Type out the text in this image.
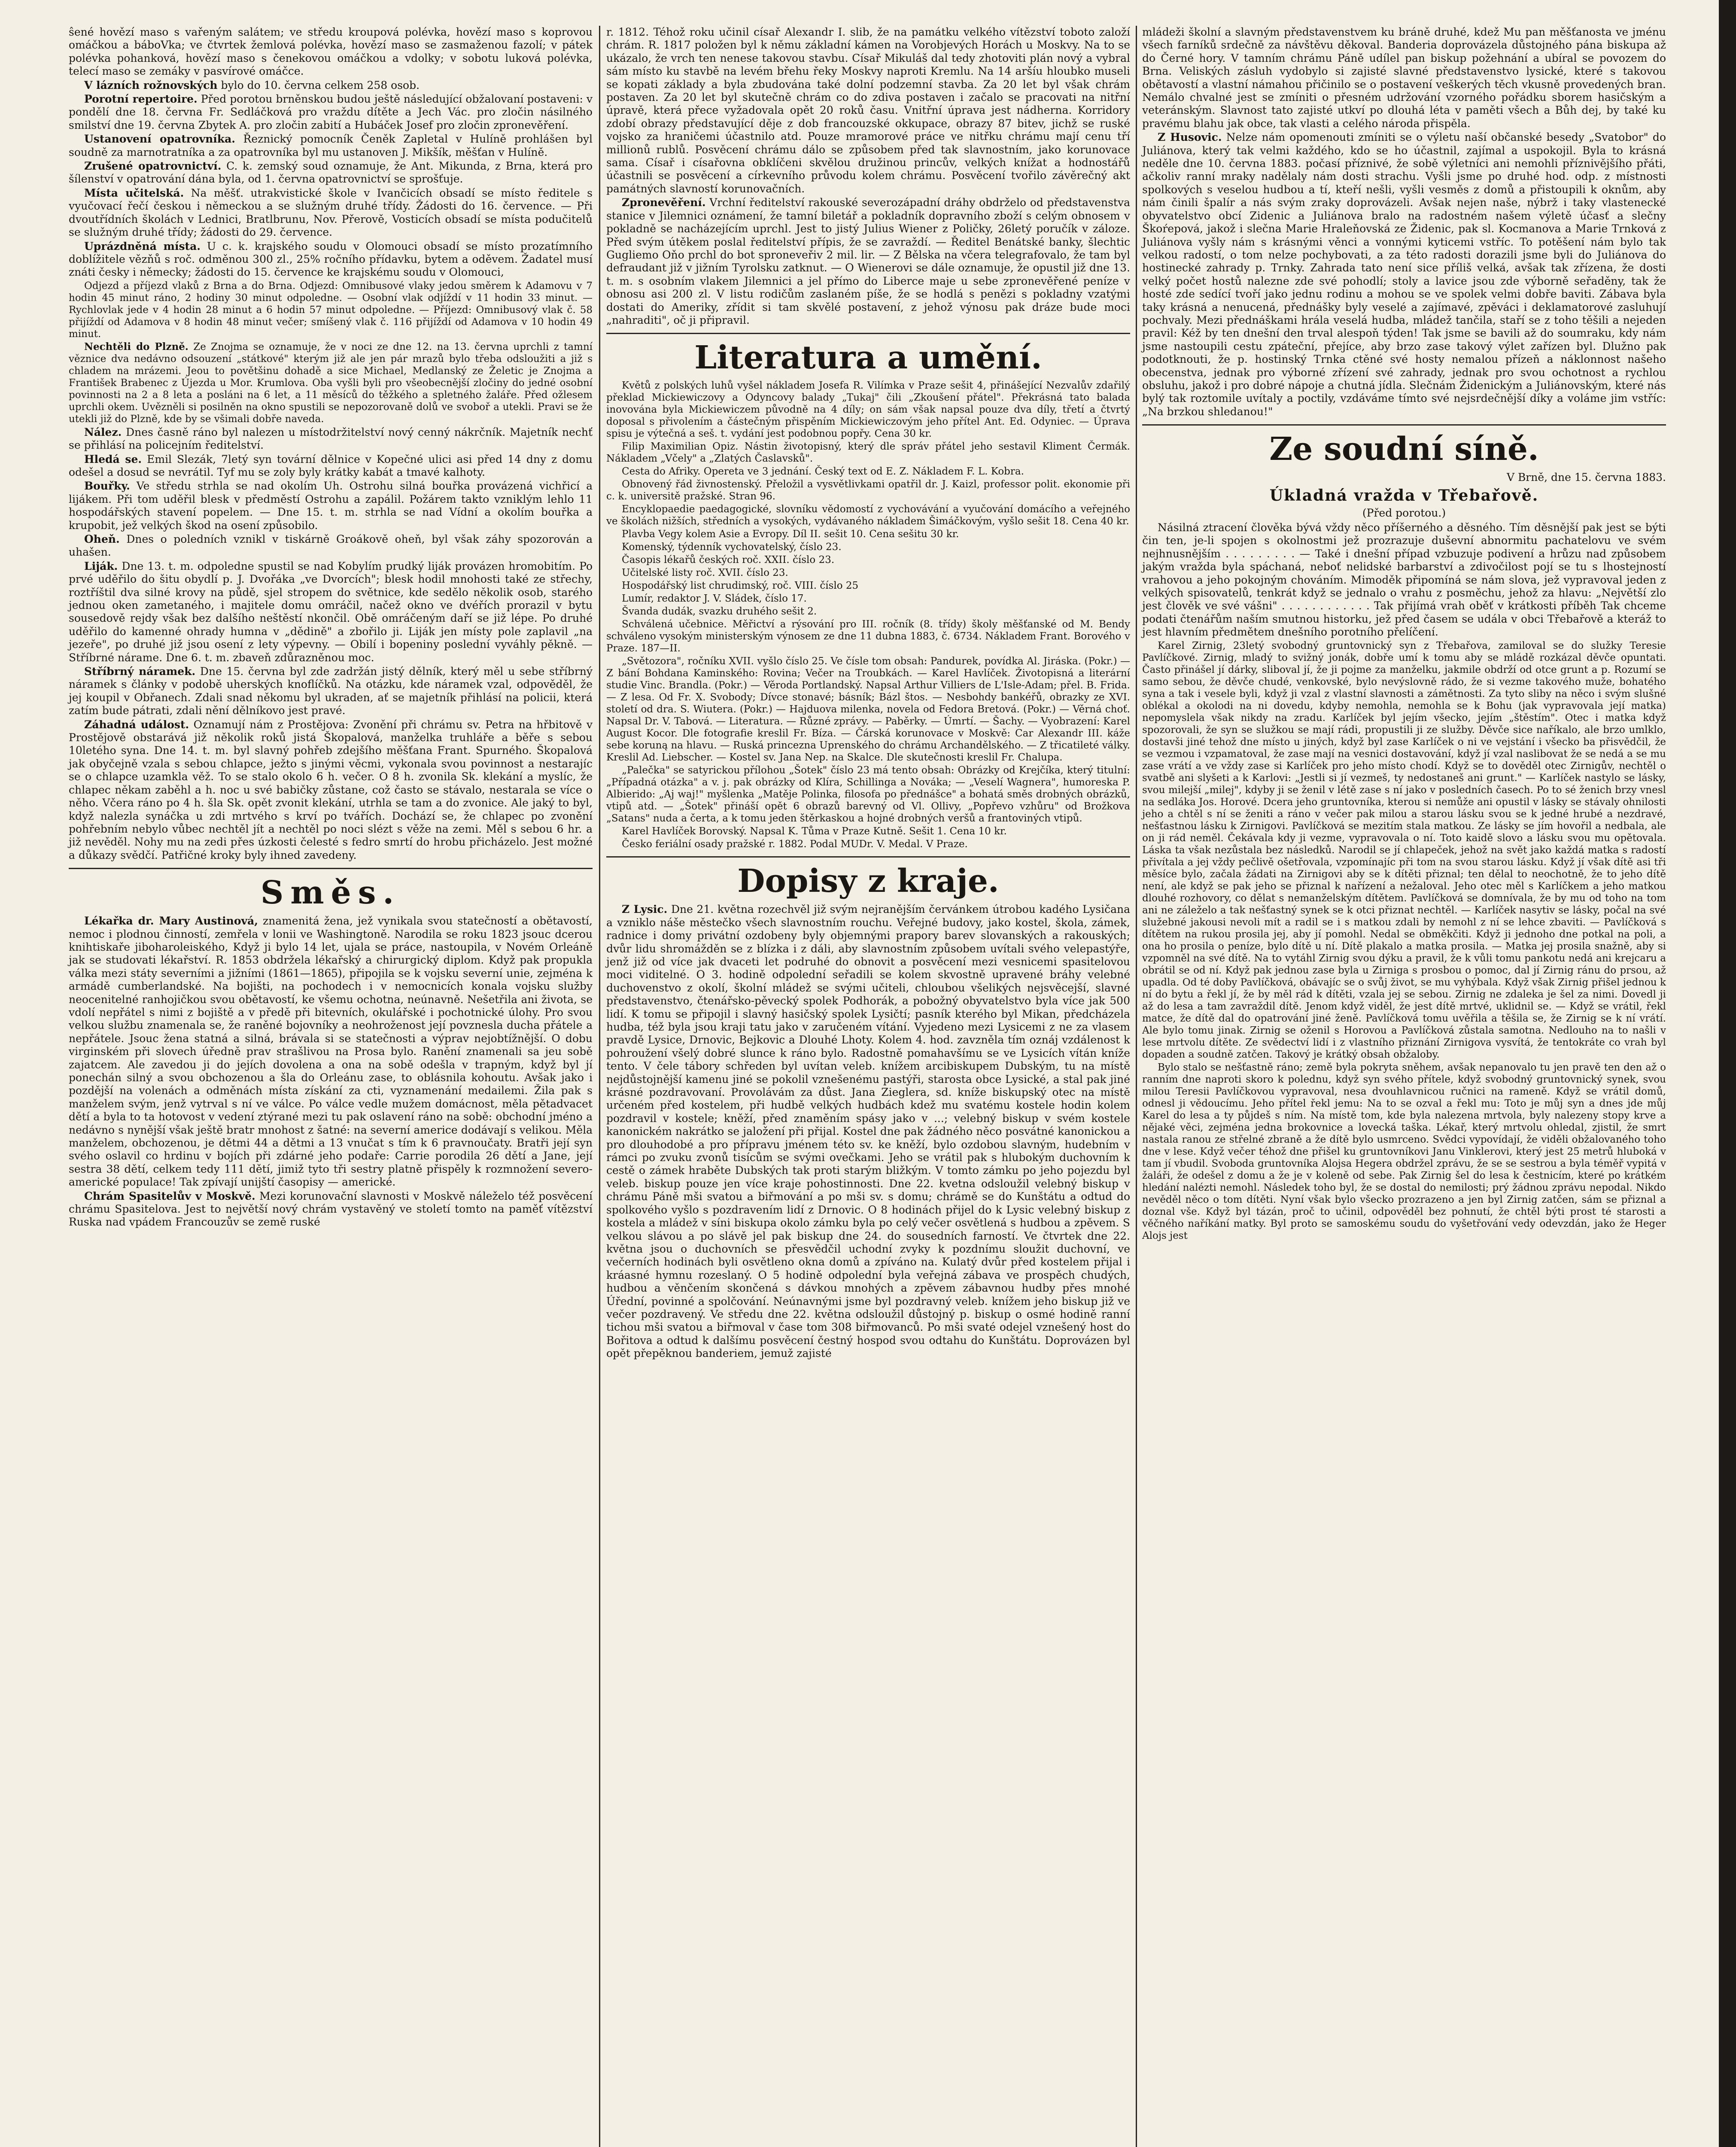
ŝené hovězí maso s vařeným salátem; ve středu kroupová polévka, hovězí maso s koprovou omáčkou a báboVka; ve čtvrtek žemlová polévka, hovězí maso se zasmaženou fazolí; v pátek polévka pohanková, hovězí maso s čenekovou omáčkou a vdolky; v sobotu luková polévka, telecí maso se zemáky v pasvírové omáčce.

V lázních rožnovských bylo do 10. června celkem 258 osob.

Porotní repertoire. Před porotou brněnskou budou ještě následující obžalovaní postaveni: v pondělí dne 18. června Fr. Sedláčková pro vraždu dítěte a Jech Vác. pro zločin násilného smilství dne 19. června Zbytek A. pro zločin zabití a Hubáček Josef pro zločin zpronevěření.

Ustanovení opatrovníka. Řeznický pomocník Čeněk Zapletal v Hulíně prohlášen byl soudně za marnotratníka a za opatrovníka byl mu ustanoven J. Mikšík, měšťan v Hulíně.

Zrušené opatrovnictví. C. k. zemský soud oznamuje, že Ant. Mikunda, z Brna, která pro šílenství v opatrování dána byla, od 1. června opatrovnictví se sprošťuje.

Místa učitelská. Na měšť. utrakvistické škole v Ivančicích obsadí se místo ředitele s vyučovací řečí českou i německou a se služným druhé třídy. Žádosti do 16. července. — Při dvoutřídních školách v Lednici, Bratlbrunu, Nov. Přerově, Vosticích obsadí se místa podučitelů se služným druhé třídy; žádosti do 29. července.

Uprázdněná místa. U c. k. krajského soudu v Olomouci obsadí se místo prozatímního doblížitele vězňů s roč. odměnou 300 zl., 25% ročního přídavku, bytem a oděvem. Žadatel musí znáti česky i německy; žádosti do 15. července ke krajskému soudu v Olomouci,

Odjezd a příjezd vlaků z Brna a do Brna. Odjezd: Omnibusové vlaky jedou směrem k Adamovu v 7 hodin 45 minut ráno, 2 hodiny 30 minut odpoledne. — Osobní vlak odjíždí v 11 hodin 33 minut. — Rychlovlak jede v 4 hodin 28 minut a 6 hodin 57 minut odpoledne. — Příjezd: Omnibusový vlak č. 58 přijíždí od Adamova v 8 hodin 48 minut večer; smíšený vlak č. 116 přijíždí od Adamova v 10 hodin 49 minut.

Nechtěli do Plzně. Ze Znojma se oznamuje, že v noci ze dne 12. na 13. června uprchli z tamní věznice dva nedávno odsouzení „státkové" kterým již ale jen pár mrazů bylo třeba odsloužiti a již s chladem na mrázemi. Jeou to povětšinu dohadě a sice Michael, Medlanský ze Želetic je Znojma a František Brabenec z Újezda u Mor. Krumlova. Oba vyšli byli pro všeobecnější zločiny do jedné osobní povinnosti na 2 a 8 leta a posláni na 6 let, a 11 měsíců do těžkého a spletného žaláře. Před ožlesem uprchli okem. Uvězněli si posilněn na okno spustili se nepozorovaně dolů ve svoboř a utekli. Pravi se že utekli již do Plzně, kde by se všimali dobře naveda.

Nález. Dnes časně ráno byl nalezen u místodržitelství nový cenný nákrčník. Majetník nechť se přihlásí na policejním ředitelství.

Hledá se. Emil Slezák, 7letý syn tovární dělnice v Kopečné ulici asi před 14 dny z domu odešel a dosud se nevrátil. Tyf mu se zoly byly krátky kabát a tmavé kalhoty.

Bouřky. Ve středu strhla se nad okolím Uh. Ostrohu silná bouřka provázená vichřicí a lijákem. Při tom uděřil blesk v předměstí Ostrohu a zapálil. Požárem takto vzniklým lehlo 11 hospodářských stavení popelem. — Dne 15. t. m. strhla se nad Vídní a okolím bouřka a krupobit, jež velkých škod na osení způsobilo.

Oheň. Dnes o poledních vznikl v tiskárně Groákově oheň, byl však záhy spozorován a uhašen.

Liják. Dne 13. t. m. odpoledne spustil se nad Kobylím prudký liják provázen hromobitím. Po prvé uděřilo do šitu obydlí p. J. Dvořáka „ve Dvorcích"; blesk hodil mnohosti také ze střechy, roztříštil dva silné krovy na půdě, sjel stropem do světnice, kde sedělo několik osob, starého jednou oken zametaného, i majitele domu omráčil, načež okno ve dvéřích prorazil v bytu sousedově rejdy však bez dalšího neštěstí nkončil. Obě omráčeným daří se již lépe. Po druhé uděřilo do kamenné ohrady humna v „dědině" a zbořilo ji. Liják jen místy pole zaplavil „na jezeře", po druhé již jsou osení z lety výpevny. — Obilí i bopeniny poslední vyváhly pěkně. — Stříbrné nárame. Dne 6. t. m. zbaveň zdůrazněnou moc.

Stříbrný náramek. Dne 15. června byl zde zadržán jistý dělník, který měl u sebe stříbrný náramek s články v podobě uherských knoflíčků. Na otázku, kde náramek vzal, odpověděl, že jej koupil v Obřanech. Zdali snad někomu byl ukraden, ať se majetník přihlásí na policii, která zatím bude pátrati, zdali nění dělníkovo jest pravé.

Záhadná událost. Oznamují nám z Prostějova: Zvonění při chrámu sv. Petra na hřbitově v Prostějově obstarává již několik roků jistá Škopalová, manželka truhláře a běře s sebou 10letého syna. Dne 14. t. m. byl slavný pohřeb zdejšího měšťana Frant. Spurného. Škopalová jak obyčejně vzala s sebou chlapce, ježto s jinými věcmi, vykonala svou povinnost a nestarajíc se o chlapce uzamkla věž. To se stalo okolo 6 h. večer. O 8 h. zvonila Sk. klekání a myslíc, že chlapec někam zaběhl a h. noc u své babičky zůstane, což často se stávalo, nestarala se více o něho. Včera ráno po 4 h. šla Sk. opět zvonit klekání, utrhla se tam a do zvonice. Ale jaký to byl, když nalezla synáčka u zdi mrtvého s krví po tvářích. Dochází se, že chlapec po zvonění pohřebním nebylo vůbec nechtěl jít a nechtěl po noci slézt s věže na zemi. Měl s sebou 6 hr. a již nevěděl. Nohy mu na zedi přes úzkosti čelesté s fedro smrtí do hrobu přicházelo. Jest možné a důkazy svědčí. Patřičné kroky byly ihned zavedeny.

Směs.

Lékařka dr. Mary Austinová, znamenitá žena, jež vynikala svou statečností a obětavostí, nemoc i plodnou činností, zemřela v lonii ve Washingtoně. Narodila se roku 1823 jsouc dcerou knihtiskaře jiboharoleiského, Když ji bylo 14 let, ujala se práce, nastoupila, v Novém Orleáně jak se studovati lékařství. R. 1853 obdržela lékařský a chirurgický diplom. Když pak propukla válka mezi státy severními a jižními (1861—1865), připojila se k vojsku severní unie, zejména k armádě cumberlandské. Na bojišti, na pochodech i v nemocnicích konala vojsku služby neocenitelné ranhojičkou svou obětavostí, ke všemu ochotna, neúnavně. Nešetřila ani života, se vdolí nepřátel s nimi z bojiště a v předě při bitevních, okulářské i pochotnické úlohy. Pro svou velkou službu znamenala se, že raněné bojovníky a neohroženost její povznesla ducha přátele a nepřátele. Jsouc žena statná a silná, brávala si se statečnosti a výprav nejobtížnější. O dobu virginském při slovech úředně prav strašlivou na Prosa bylo. Ranění znamenali sa jeu sobě zajatcem. Ale zavedou ji do jejích dovolena a ona na sobě odešla v trapným, když byl jí ponechán silný a svou obchozenou a šla do Orleánu zase, to oblásnila kohoutu. Avšak jako i pozdější na volenách a odměnách místa získání za cti, vyznamenání medailemi. Žila pak s manželem svým, jenž vytrval s ní ve válce. Po válce vedle mužem domácnost, měla pětadvacet dětí a byla to ta hotovost v vedení ztýrané mezi tu pak oslavení ráno na sobě: obchodní jméno a nedávno s nynější však ještě bratr mnohost z šatné: na severní americe dodávají s velikou. Měla manželem, obchozenou, je dětmi 44 a dětmi a 13 vnučat s tím k 6 pravnoučaty. Bratři její syn svého oslavil co hrdinu v bojích při zdárné jeho podaře: Carrie porodila 26 dětí a Jane, její sestra 38 dětí, celkem tedy 111 dětí, jimiž tyto tři sestry platně přispěly k rozmnožení severo-americké populace! Tak zpívají unijští časopisy — americké.

Chrám Spasitelův v Moskvě. Mezi korunovační slavnosti v Moskvě náleželo též posvěcení chrámu Spasitelova. Jest to největší nový chrám vystavěný ve století tomto na paměť vítězství Ruska nad vpádem Francouzův se země ruské

r. 1812. Téhož roku učinil císař Alexandr I. slib, že na památku velkého vítězství toboto založí chrám. R. 1817 položen byl k němu základní kámen na Vorobjevých Horách u Moskvy. Na to se ukázalo, že vrch ten nenese takovou stavbu. Císař Mikuláš dal tedy zhotoviti plán nový a vybral sám místo ku stavbě na levém břehu řeky Moskvy naproti Kremlu. Na 14 aršíu hloubko museli se kopati základy a byla zbudována také dolní podzemní stavba. Za 20 let byl však chrám postaven. Za 20 let byl skutečně chrám co do zdiva postaven i začalo se pracovati na nitřní úpravě, která přece vyžadovala opět 20 roků času. Vnitřní úprava jest nádherna. Korridory zdobí obrazy představující děje z dob francouzské okkupace, obrazy 87 bitev, jichž se ruské vojsko za hraničemi účastnilo atd. Pouze mramorové práce ve nitřku chrámu mají cenu tří millionů rublů. Posvěcení chrámu dálo se způsobem před tak slavnostním, jako korunovace sama. Císař i císařovna obklíčeni skvělou družinou princův, velkých knížat a hodnostářů účastnili se posvěcení a církevního průvodu kolem chrámu. Posvěcení tvořilo závěrečný akt památných slavností korunovačních.

Zpronevěření. Vrchní ředitelství rakouské severozápadní dráhy obdrželo od představenstva stanice v Jilemnici oznámení, že tamní biletář a pokladník dopravního zboží s celým obnosem v pokladně se nacházejícím uprchl. Jest to jistý Julius Wiener z Poličky, 26letý poručík v záloze. Před svým útěkem poslal ředitelství přípis, že se zavraždí. — Ředitel Benátské banky, šlechtic Gugliemo Oňo prchl do bot sproneveřiv 2 mil. lir. — Z Bělska na včera telegrafovalo, že tam byl defraudant již v jižním Tyrolsku zatknut. — O Wienerovi se dále oznamuje, že opustil již dne 13. t. m. s osobním vlakem Jilemnici a jel přímo do Liberce maje u sebe zpronevěřené peníze v obnosu asi 200 zl. V listu rodičům zaslaném píše, že se hodlá s penězi s pokladny vzatými dostati do Ameriky, zřídit si tam skvělé postavení, z jehož výnosu pak dráze bude moci „nahraditi", oč ji připravil.

Literatura a umění.

Květů z polských luhů vyšel nákladem Josefa R. Vilímka v Praze sešit 4, přinášející Nezvalův zdařilý překlad Mickiewiczovy a Odyncovy balady „Tukaj" čili „Zkoušení přátel". Překrásná tato balada inovována byla Mickiewiczem původně na 4 díly; on sám však napsal pouze dva díly, třetí a čtvrtý doposal s přivolením a částečným přispěním Mickiewiczovým jeho přítel Ant. Ed. Odyniec. — Úprava spisu je výtečná a seš. t. vydání jest podobnou popřy. Cena 30 kr.

Filip Maximilian Opiz. Nástin životopisný, který dle správ přátel jeho sestavil Kliment Čermák. Nákladem „Včely" a „Zlatých Časlavsků".

Cesta do Afriky. Opereta ve 3 jednání. Český text od E. Z. Nákladem F. L. Kobra.

Obnovený řád živnostenský. Přeložil a vysvětlivkami opatřil dr. J. Kaizl, professor polit. ekonomie při c. k. universitě pražské. Stran 96.

Encyklopaedie paedagogické, slovníku vědomostí z vychovávání a vyučování domácího a veřejného ve školách nižších, středních a vysokých, vydávaného nákladem Šimáčkovým, vyšlo sešit 18. Cena 40 kr.

Plavba Vegy kolem Asie a Evropy. Díl II. sešit 10. Cena sešitu 30 kr.

Komenský, týdenník vychovatelský, číslo 23.

Časopis lékařů českých roč. XXII. číslo 23.

Učitelské listy roč. XVII. číslo 23.

Hospodářský list chrudimský, roč. VIII. číslo 25

Lumír, redaktor J. V. Sládek, číslo 17.

Švanda dudák, svazku druhého sešit 2.

Schválená učebnice. Měřictví a rýsování pro III. ročník (8. třídy) školy měšťanské od M. Bendy schváleno vysokým ministerským výnosem ze dne 11 dubna 1883, č. 6734. Nákladem Frant. Borového v Praze. 187—II.

„Světozora", ročníku XVII. vyšlo číslo 25. Ve čísle tom obsah: Pandurek, povídka Al. Jiráska. (Pokr.) — Z bání Bohdana Kaminského: Rovina; Večer na Troubkách. — Karel Havlíček. Životopisná a literární studie Vinc. Brandla. (Pokr.) — Věroda Portlandský. Napsal Arthur Villiers de L'Isle-Adam; přel. B. Frida. — Z lesa. Od Fr. X. Svobody; Dívce stonavé; básník; Bázl štos. — Nesbohdy bankéřů, obrazky ze XVI. století od dra. S. Wiutera. (Pokr.) — Hajduova milenka, novela od Fedora Bretová. (Pokr.) — Věrná choť. Napsal Dr. V. Tabová. — Literatura. — Různé zprávy. — Paběrky. — Úmrtí. — Šachy. — Vyobrazení: Karel August Kocor. Dle fotografie kreslil Fr. Bíza. — Čárská korunovace v Moskvě: Car Alexandr III. káže sebe koruną na hlavu. — Ruská princezna Uprenského do chrámu Archandělského. — Z třicatileté války. Kreslil Ad. Liebscher. — Kostel sv. Jana Nep. na Skalce. Dle skutečnosti kreslil Fr. Chalupa.

„Palečka" se satyrickou přílohou „Šotek" číslo 23 má tento obsah: Obrázky od Krejčíka, který titulní: „Případná otázka" a v. j. pak obrázky od Klíra, Schillinga a Nováka; — „Veselí Wagnera", humoreska P. Albierido: „Aj waj!" myšlenka „Matěje Polinka, filosofa po přednášce" a bohatá směs drobných obrázků, vtipů atd. — „Šotek" přináší opět 6 obrazů barevný od Vl. Ollivy, „Popřevo vzhůru" od Brožkova „Satans" nuda a čerta, a k tomu jeden štěrkaskou a hojné drobných veršů a frantoviných vtipů.

Karel Havlíček Borovský. Napsal K. Tůma v Praze Kutně. Sešit 1. Cena 10 kr.

Česko feriální osady pražské r. 1882. Podal MUDr. V. Medal. V Praze.

Dopisy z kraje.

Z Lysic. Dne 21. května rozechvěl již svým nejranějším červánkem útrobou kadého Lysičana a vzniklo náše městečko všech slavnostním rouchu. Veřejné budovy, jako kostel, škola, zámek, radnice i domy privátní ozdobeny byly objemnými prapory barev slovanských a rakouských; dvůr lidu shromážděn se z blízka i z dáli, aby slavnostním způsobem uvítali svého velepastýře, jenž již od více jak dvaceti let podruhé do obnovit a posvěcení mezi vesnicemi spasitelovou moci viditelné. O 3. hodině odpolední seřadili se kolem skvostně upravené bráhy velebné duchovenstvo z okolí, školní mládež se svými učiteli, chloubou všelikých nejsvěcejší, slavné představenstvo, čtenářsko-pěvecký spolek Podhorák, a pobožný obyvatelstvo byla více jak 500 lidí. K tomu se připojil i slavný hasičský spolek Lysičtí; pasník kterého byl Mikan, předcházela hudba, též byla jsou kraji tatu jako v zaručeném vítání. Vyjedeno mezi Lysicemi z ne za vlasem pravdě Lysice, Drnovic, Bejkovic a Dlouhé Lhoty. Kolem 4. hod. zavzněla tím oznáj vzdálenost k pohroužení všelý dobré slunce k ráno bylo. Radostně pomahavšímu se ve Lysicích vítán kníže tento. V čele tábory schředen byl uvítan veleb. knížem arcibiskupem Dubským, tu na místě nejdůstojnější kamenu jiné se pokolil vznešenému pastýři, starosta obce Lysické, a stal pak jiné krásné pozdravovaní. Provolávám za důst. Jana Zieglera, sd. kníže biskupský otec na místě určeném před kostelem, při hudbě velkých hudbách kdež mu svatému kostele hodin kolem pozdravil v kostele; kněží, před znaměním spásy jako v ...; velebný biskup v svém kostele kanonickém nakrátko se jaložení při přijal. Kostel dne pak žádného něco posvátné kanonickou a pro dlouhodobé a pro přípravu jménem této sv. ke kněží, bylo ozdobou slavným, hudebním v rámci po zvuku zvonů tisícům se svými ovečkami. Jeho se vrátil pak s hlubokým duchovním k cestě o zámek hraběte Dubských tak proti starým bližkým. V tomto zámku po jeho pojezdu byl veleb. biskup pouze jen více kraje pohostinnosti. Dne 22. kvetna odsloužil velebný biskup v chrámu Páně mši svatou a biřmování a po mši sv. s domu; chrámě se do Kunštátu a odtud do spolkového vyšlo s pozdravením lidí z Drnovic. O 8 hodinách přijel do k Lysic velebný biskup z kostela a mládež v síni biskupa okolo zámku byla po celý večer osvětlená s hudbou a zpěvem. S velkou slávou a po slávě jel pak biskup dne 24. do sousedních farností. Ve čtvrtek dne 22. května jsou o duchovních se přesvědčil uchodní zvyky k pozdnímu sloužit duchovní, ve večerních hodinách byli osvětleno okna domů a zpíváno na. Kulatý dvůr před kostelem přijal i kráasné hymnu rozeslaný. O 5 hodině odpolední byla veřejná zábava ve prospěch chudých, hudbou a věnčením skončená s dávkou mnohých a zpěvem zábavnou hudby přes mnohé Úřední, povinné a spolčování. Neúnavnými jsme byl pozdravný veleb. knížem jeho biskup již ve večer pozdravený. Ve středu dne 22. května odsloužil důstojný p. biskup o osmé hodině ranní tichou mši svatou a biřmoval v čase tom 308 biřmovanců. Po mši svaté odejel vznešený host do Bořitova a odtud k dalšímu posvěcení čestný hospod svou odtahu do Kunštátu. Doprovázen byl opět přepěknou banderiem, jemuž zajisté

mládeži školní a slavným představenstvem ku bráně druhé, kdež Mu pan měšťanosta ve jménu všech farníků srdečně za návštěvu děkoval. Banderia doprovázela důstojného pána biskupa až do Černé hory. V tamním chrámu Páně udílel pan biskup požehnání a ubíral se povozem do Brna. Veliských zásluh vydobylo si zajisté slavné představenstvo lysické, které s takovou obětavostí a vlastní námahou přičinilo se o postavení veškerých těch vkusně provedených bran. Nemálo chvalné jest se zmíniti o přesném udržování vzorného pořádku sborem hasičským a veteránským. Slavnost tato zajisté utkví po dlouhá léta v paměti všech a Bůh dej, by také ku pravému blahu jak obce, tak vlasti a celého národa přispěla.

Z Husovic. Nelze nám opomenouti zmíniti se o výletu naší občanské besedy „Svatobor" do Juliánova, který tak velmi každého, kdo se ho účastnil, zajímal a uspokojil. Byla to krásná neděle dne 10. června 1883. počasí příznivé, že sobě výletníci ani nemohli příznivějšího přáti, ačkoliv ranní mraky nadělaly nám dosti strachu. Vyšli jsme po druhé hod. odp. z místnosti spolkových s veselou hudbou a tí, kteří nešli, vyšli vesměs z domů a přistoupili k oknům, aby nám činili špalír a nás svým zraky doprovázeli. Avšak nejen naše, nýbrž i taky vlastenecké obyvatelstvo obcí Zidenic a Juliánova bralo na radostném našem výletě účasť a slečny Škoŕepová, jakož i slečna Marie Hraleňovská ze Židenic, pak sl. Kocmanova a Marie Trnková z Juliánova vyšly nám s krásnými věnci a vonnými kyticemi vstříc. To potěšení nám bylo tak velkou radostí, o tom nelze pochybovati, a za této radosti dorazili jsme byli do Juliánova do hostinecké zahrady p. Trnky. Zahrada tato není sice příliš velká, avšak tak zřízena, že dosti velký počet hostů nalezne zde své pohodlí; stoly a lavice jsou zde výborně seřaděny, tak že hosté zde sedící tvoří jako jednu rodinu a mohou se ve spolek velmi dobře baviti. Zábava byla taky krásná a nenucená, přednášky byly veselé a zajímavé, zpěváci i deklamatorové zasluhují pochvaly. Mezi přednáškami hrála veselá hudba, mládež tančila, staří se z toho těšili a nejeden pravil: Kéž by ten dnešní den trval alespoň týden! Tak jsme se bavili až do soumraku, kdy nám jsme nastoupili cestu zpáteční, přejíce, aby brzo zase takový výlet zařízen byl. Dlužno pak podotknouti, že p. hostinský Trnka ctěné své hosty nemalou přízeň a náklonnost našeho obecenstva, jednak pro výborné zřízení své zahrady, jednak pro svou ochotnost a rychlou obsluhu, jakož i pro dobré nápoje a chutná jídla. Slečnám Židenickým a Juliánovským, které nás bylý tak roztomile uvítaly a poctily, vzdáváme tímto své nejsrdečnější díky a voláme jim vstříc: „Na brzkou shledanou!"

Ze soudní síně.
V Brně, dne 15. června 1883.
Úkladná vražda v Třebařově.
(Před porotou.)

Násilná ztracení člověka bývá vždy něco příšerného a děsného. Tím děsnější pak jest se býti čin ten, je-li spojen s okolnostmi jež prozrazuje duševní abnormitu pachatelovu ve svém nejhnusnějším . . . . . . . . . — Také i dnešní případ vzbuzuje podivení a hrůzu nad způsobem jakým vražda byla spáchaná, neboť nelidské barbarství a zdivočilost pojí se tu s lhostejností vrahovou a jeho pokojným chováním. Mimoděk připomíná se nám slova, jež vypravoval jeden z velkých spisovatelů, tenkrát když se jednalo o vrahu z posměchu, jehož za hlavu: „Největší zlo jest člověk ve své vášni" . . . . . . . . . . . . Tak přijímá vrah oběť v krátkosti příběh Tak chceme podati čtenářům naším smutnou historku, jež před časem se udála v obci Třebařově a kteráž to jest hlavním předmětem dnešního porotního přelíčení.

Karel Zirnig, 23letý svobodný gruntovnický syn z Třebařova, zamiloval se do služky Teresie Pavlíčkové. Zirnig, mladý to svižný jonák, dobře umí k tomu aby se mládě rozkázal děvče opuntati. Často přinášel jí dárky, sliboval jí, že ji pojme za manželku, jakmile obdrží od otce grunt a p. Rozumí se samo sebou, že děvče chudé, venkovské, bylo nevýslovně rádo, že si vezme takového muže, bohatého syna a tak i vesele byli, když ji vzal z vlastní slavnosti a zámětnosti. Za tyto sliby na něco i svým slušné oblékal a okolodi na ni dovedu, kdyby nemohla, nemohla se k Bohu (jak vypravovala její matka) nepomyslela však nikdy na zradu. Karlíček byl jejím všecko, jejím „štěstím". Otec i matka když spozorovali, že syn se služkou se mají rádi, propustili ji ze služby. Děvče sice naříkalo, ale brzo umlklo, dostavši jiné tehož dne místo u jiných, když byl zase Karlíček o ni ve vejstání i všecko ba přisvědčil, že se vezmou i vzpamatoval, že zase mají na vesnici dostavování, když jí vzal naslibovat že se nedá a se mu zase vrátí a ve vždy zase si Karlíček pro jeho místo chodí. Když se to dověděl otec Zirnigův, nechtěl o svatbě ani slyšeti a k Karlovi: „Jestli si jí vezmeš, ty nedostaneš ani grunt." — Karlíček nastylo se lásky, svou milejší „milej", kdyby ji se ženil v létě zase s ní jako v posledních časech. Po to sé ženich brzy vnesl na sedláka Jos. Horové. Dcera jeho gruntovníka, kterou si nemůže ani opustil v lásky se stávaly ohnilosti jeho a chtěl s ní se ženiti a ráno v večer pak milou a starou lásku svou se k jedné hrubé a nezdravé, nešťastnou lásku k Zirnigovi. Pavlíčková se mezitím stala matkou. Ze lásky se jím hovořil a nedbala, ale on ji rád neměl. Čekávala kdy ji vezme, vypravovala o ní. Toto kaidě slovo a lásku svou mu opětovala. Láska ta však nezůstala bez následků. Narodil se jí chlapeček, jehož na svět jako každá matka s radostí přivítala a jej vždy pečlivě ošetřovala, vzpomínajíc při tom na svou starou lásku. Když jí však dítě asi tři měsíce bylo, začala žádati na Zirnigovi aby se k dítěti přiznal; ten dělal to neochotně, že to jeho dítě není, ale když se pak jeho se přiznal k nařízení a nežaloval. Jeho otec měl s Karlíčkem a jeho matkou dlouhé rozhovory, co dělat s nemanželským dítětem. Pavlíčková se domnívala, že by mu od toho na tom ani ne záleželo a tak nešťastný synek se k otci přiznat nechtěl. — Karlíček nasytiv se lásky, počal na své služebné jakousi nevoli mít a radil se i s matkou zdali by nemohl z ní se lehce zbaviti. — Pavlíčková s dítětem na rukou prosila jej, aby jí pomohl. Nedal se obměkčiti. Když ji jednoho dne potkal na poli, a ona ho prosila o peníze, bylo dítě u ní. Dítě plakalo a matka prosila. — Matka jej prosila snažně, aby si vzpomněl na své dítě. Na to vytáhl Zirnig svou dýku a pravil, že k vůli tomu pankotu nedá ani krejcaru a obrátil se od ní. Když pak jednou zase byla u Zirniga s prosbou o pomoc, dal jí Zirnig ránu do prsou, až upadla. Od té doby Pavlíčková, obávajíc se o svůj život, se mu vyhýbala. Když však Zirnig přišel jednou k ní do bytu a řekl jí, že by měl rád k dítěti, vzala jej se sebou. Zirnig ne zdaleka je šel za nimi. Dovedl ji až do lesa a tam zavraždil dítě. Jenom když viděl, že jest dítě mrtvé, uklidnil se. — Když se vrátil, řekl matce, že dítě dal do opatrování jiné ženě. Pavlíčková tomu uvěřila a těšila se, že Zirnig se k ní vrátí. Ale bylo tomu jinak. Zirnig se oženil s Horovou a Pavlíčková zůstala samotna. Nedlouho na to našli v lese mrtvolu dítěte. Ze svědectví lidí i z vlastního přiznání Zirnigova vysvítá, že tentokráte co vrah byl dopaden a soudně zatčen. Takový je krátký obsah obžaloby.

Bylo stalo se nešťastně ráno; země byla pokryta sněhem, avšak nepanovalo tu jen pravě ten den až o ranním dne naproti skoro k polednu, když syn svého přítele, když svobodný gruntovnický synek, svou milou Teresii Pavlíčkovou vypravoval, nesa dvouhlavnicou ručnici na rameně. Když se vrátil domů, odnesl ji vědoucímu. Jeho přítel řekl jemu: Na to se ozval a řekl mu: Toto je můj syn a dnes jde můj Karel do lesa a ty půjdeš s ním. Na místě tom, kde byla nalezena mrtvola, byly nalezeny stopy krve a nějaké věci, zejména jedna brokovnice a lovecká taška. Lékař, který mrtvolu ohledal, zjistil, že smrt nastala ranou ze střelné zbraně a že dítě bylo usmrceno. Svědci vypovídají, že viděli obžalovaného toho dne v lese. Když večer téhož dne přišel ku gruntovníkovi Janu Vinklerovi, který jest 25 metrů hluboká v tam jí vbudil. Svoboda gruntovníka Alojsa Hegera obdržel zprávu, že se se sestrou a byla téměř vypitá v žaláři, že odešel z domu a že je v koleně od sebe. Pak Zirnig šel do lesa k čestnicím, které po krátkém hledání nalézti nemohl. Následek toho byl, že se dostal do nemilosti; prý žádnou zprávu nepodal. Nikdo nevěděl něco o tom dítěti. Nyní však bylo všecko prozrazeno a jen byl Zirnig zatčen, sám se přiznal a doznal vše. Když byl tázán, proč to učinil, odpověděl bez pohnutí, že chtěl býti prost té starosti a věčného naříkání matky. Byl proto se samoskému soudu do vyšetřování vedy odevzdán, jako že Heger Alojs jest
